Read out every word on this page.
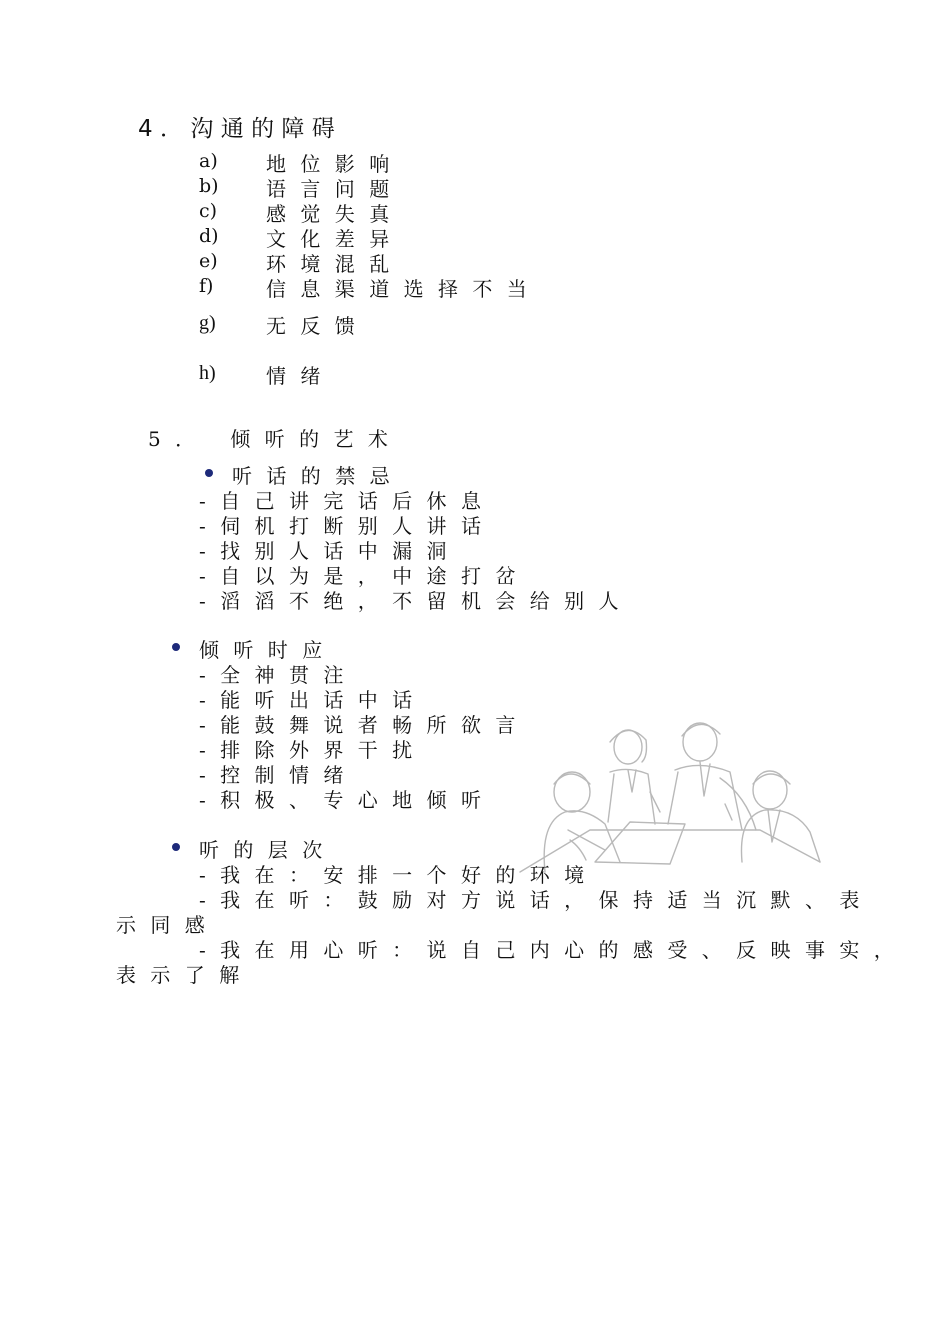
4．沟通的障碍
a) 地位影响
b) 语言问题
c) 感觉失真
d) 文化差异
e) 环境混乱
f)	信息渠道选择不当
g)	无反馈
h)	情绪
5． 倾听的艺术
听话的禁忌
-自己讲完话后休息
-伺机打断别人讲话
-找别人话中漏洞
-自以为是，中途打岔
-滔滔不绝，不留机会给别人
倾听时应
-全神贯注
-能听出话中话
-能鼓舞说者畅所欲言
-排除外界干扰
-控制情绪
-积极、专心地倾听
听的层次
-我在：安排一个好的环境
-我在听：鼓励对方说话，保持适当沉默、表
示同感
-我在用心听：说自己内心的感受、反映事实，
表示了解
